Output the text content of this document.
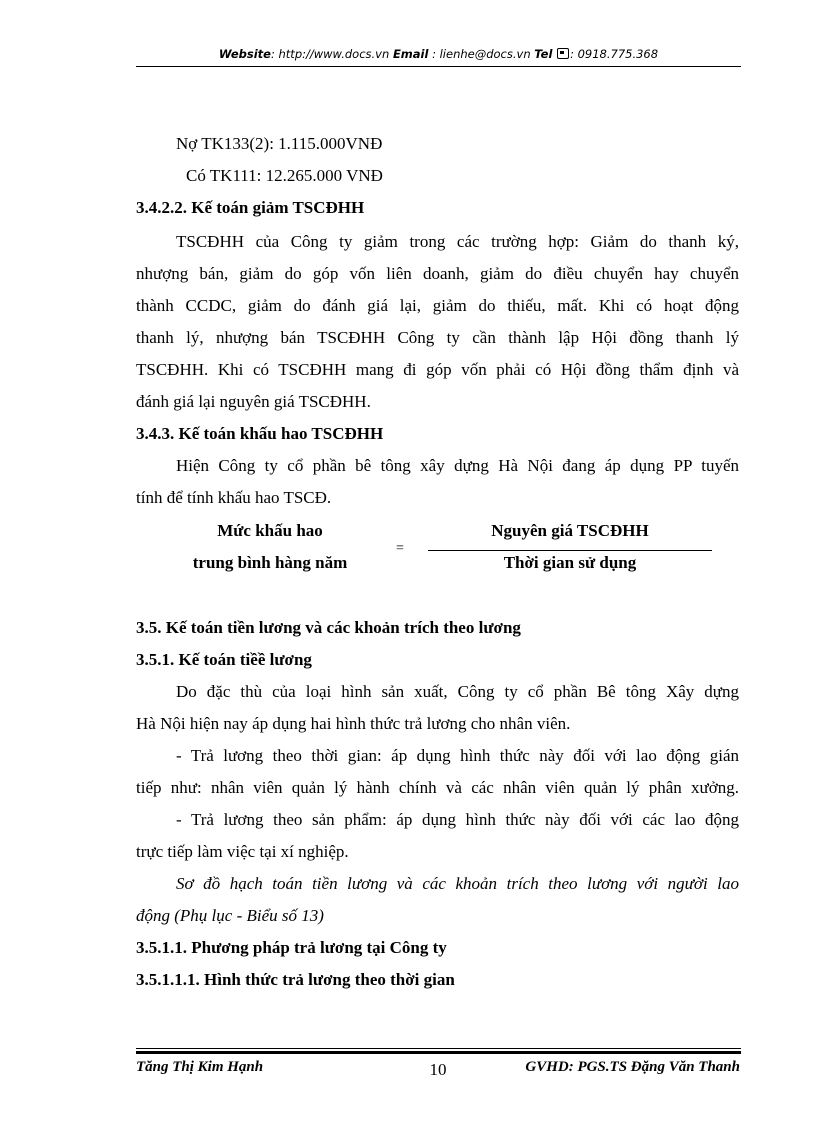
Website: http://www.docs.vn Email : lienhe@docs.vn Tel : 0918.775.368
Nợ TK133(2): 1.115.000VNĐ
Có TK111: 12.265.000 VNĐ
3.4.2.2. Kế toán giảm TSCĐHH
TSCĐHH của Công ty giảm trong các trường hợp: Giảm do thanh ký,
nhượng bán, giảm do góp vốn liên doanh, giảm do điều chuyển hay chuyển
thành CCDC, giảm do đánh giá lại, giảm do thiếu, mất. Khi có hoạt động
thanh lý, nhượng bán TSCĐHH Công ty cần thành lập Hội đồng thanh lý
TSCĐHH. Khi có TSCĐHH mang đi góp vốn phải có Hội đồng thẩm định và
đánh giá lại nguyên giá TSCĐHH.
3.4.3. Kế toán khấu hao TSCĐHH
Hiện Công ty cổ phần bê tông xây dựng Hà Nội đang áp dụng PP tuyến
tính để tính khấu hao TSCĐ.
Mức khấu hao
trung bình hàng năm
=
Nguyên giá TSCĐHH
Thời gian sử dụng
3.5. Kế toán tiền lương và các khoản trích theo lương
3.5.1. Kế toán tiềề lương
Do đặc thù của loại hình sản xuất, Công ty cổ phần Bê tông Xây dựng
Hà Nội hiện nay áp dụng hai hình thức trả lương cho nhân viên.
- Trả lương theo thời gian: áp dụng hình thức này đối với lao động gián
tiếp như: nhân viên quản lý hành chính và các nhân viên quản lý phân xưởng.
- Trả lương theo sản phẩm: áp dụng hình thức này đối với các lao động
trực tiếp làm việc tại xí nghiệp.
Sơ đồ hạch toán tiền lương và các khoản trích theo lương với người lao
động (Phụ lục - Biểu số 13)
3.5.1.1. Phương pháp trả lương tại Công ty
3.5.1.1.1. Hình thức trả lương theo thời gian
Tăng Thị Kim Hạnh	10	GVHD: PGS.TS Đặng Văn Thanh
